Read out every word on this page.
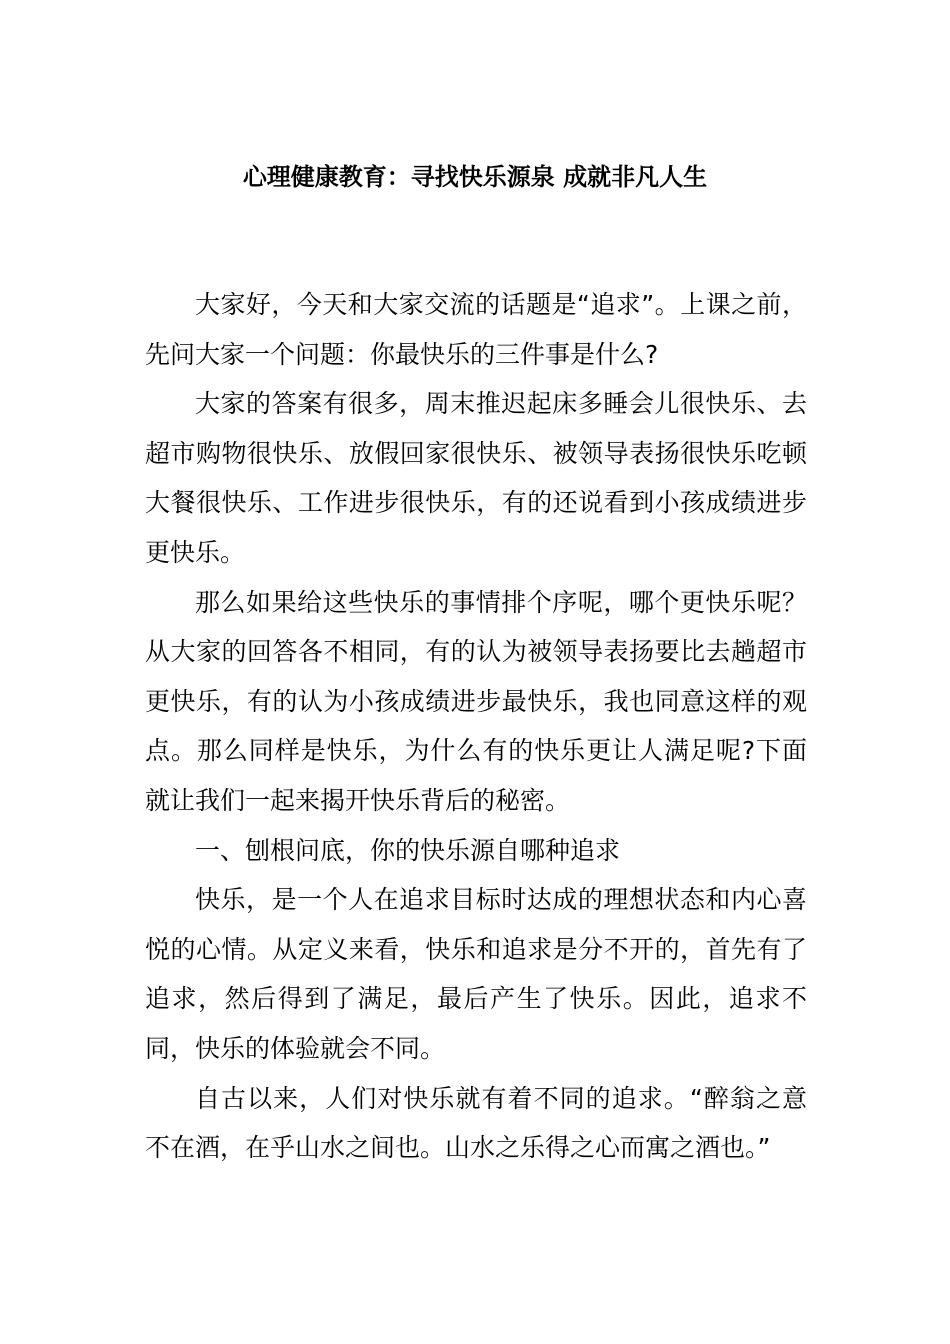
心理健康教育：寻找快乐源泉 成就非凡人生

大家好，今天和大家交流的话题是“追求”。上课之前，先问大家一个问题：你最快乐的三件事是什么?

大家的答案有很多，周末推迟起床多睡会儿很快乐、去超市购物很快乐、放假回家很快乐、被领导表扬很快乐吃顿大餐很快乐、工作进步很快乐，有的还说看到小孩成绩进步更快乐。

那么如果给这些快乐的事情排个序呢，哪个更快乐呢？从大家的回答各不相同，有的认为被领导表扬要比去趟超市更快乐，有的认为小孩成绩进步最快乐，我也同意这样的观点。那么同样是快乐，为什么有的快乐更让人满足呢?下面就让我们一起来揭开快乐背后的秘密。

一、刨根问底，你的快乐源自哪种追求

快乐，是一个人在追求目标时达成的理想状态和内心喜悦的心情。从定义来看，快乐和追求是分不开的，首先有了追求，然后得到了满足，最后产生了快乐。因此，追求不同，快乐的体验就会不同。

自古以来，人们对快乐就有着不同的追求。“醉翁之意不在酒，在乎山水之间也。山水之乐得之心而寓之酒也。”
